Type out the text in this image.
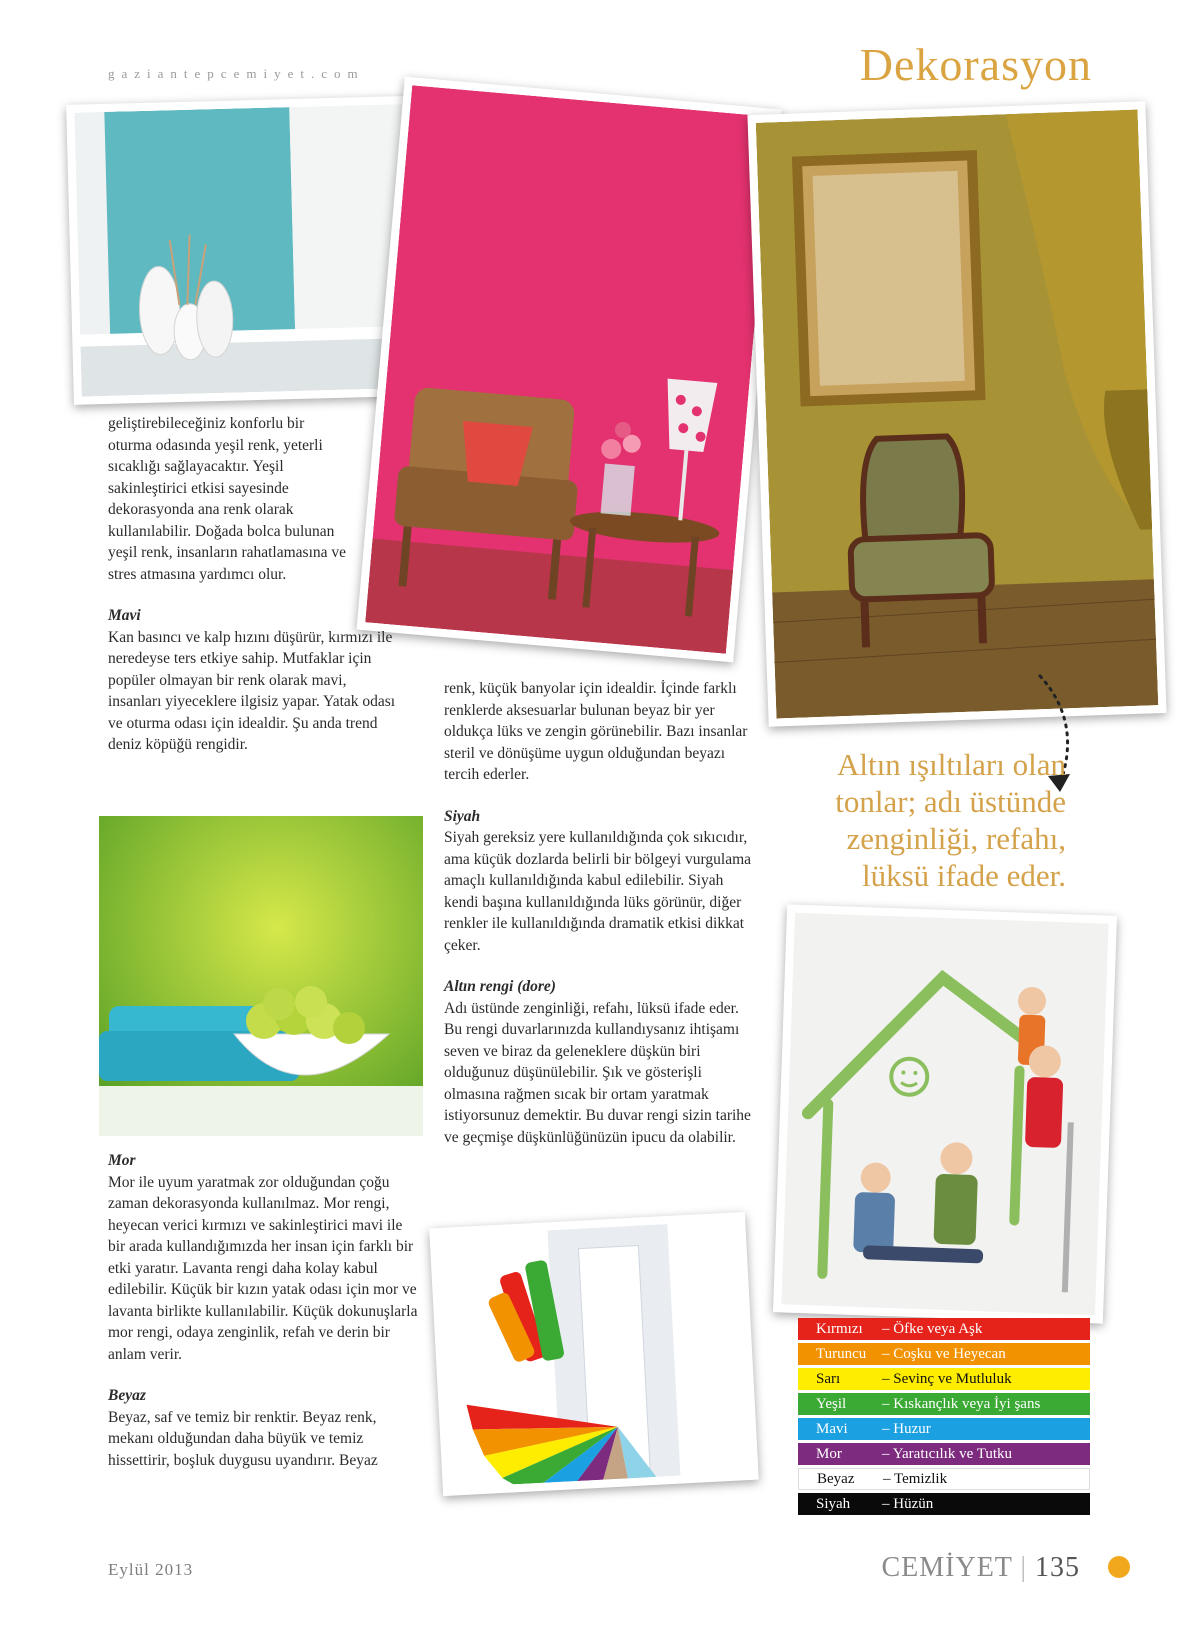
gaziantepcemiyet.com	Dekorasyon

geliştirebileceğiniz konforlu bir oturma odasında yeşil renk, yeterli sıcaklığı sağlayacaktır. Yeşil sakinleştirici etkisi sayesinde dekorasyonda ana renk olarak kullanılabilir. Doğada bolca bulunan yeşil renk, insanların rahatlamasına ve stres atmasına yardımcı olur.

Mavi

Kan basıncı ve kalp hızını düşürür, kırmızı ile neredeyse ters etkiye sahip. Mutfaklar için popüler olmayan bir renk olarak mavi, insanları yiyeceklere ilgisiz yapar. Yatak odası ve oturma odası için idealdir. Şu anda trend deniz köpüğü rengidir.

Mor

Mor ile uyum yaratmak zor olduğundan çoğu zaman dekorasyonda kullanılmaz. Mor rengi, heyecan verici kırmızı ve sakinleştirici mavi ile bir arada kullandığımızda her insan için farklı bir etki yaratır. Lavanta rengi daha kolay kabul edilebilir. Küçük bir kızın yatak odası için mor ve lavanta birlikte kullanılabilir. Küçük dokunuşlarla mor rengi, odaya zenginlik, refah ve derin bir anlam verir.

Beyaz

Beyaz, saf ve temiz bir renktir. Beyaz renk, mekanı olduğundan daha büyük ve temiz hissettirir, boşluk duygusu uyandırır. Beyaz

renk, küçük banyolar için idealdir. İçinde farklı renklerde aksesuarlar bulunan beyaz bir yer oldukça lüks ve zengin görünebilir. Bazı insanlar steril ve dönüşüme uygun olduğundan beyazı tercih ederler.

Siyah

Siyah gereksiz yere kullanıldığında çok sıkıcıdır, ama küçük dozlarda belirli bir bölgeyi vurgulama amaçlı kullanıldığında kabul edilebilir. Siyah kendi başına kullanıldığında lüks görünür, diğer renkler ile kullanıldığında dramatik etkisi dikkat çeker.

Altın rengi (dore)

Adı üstünde zenginliği, refahı, lüksü ifade eder. Bu rengi duvarlarınızda kullandıysanız ihtişamı seven ve biraz da geleneklere düşkün biri olduğunuz düşünülebilir. Şık ve gösterişli olmasına rağmen sıcak bir ortam yaratmak istiyorsunuz demektir. Bu duvar rengi sizin tarihe ve geçmişe düşkünlüğünüzün ipucu da olabilir.

Altın ışıltıları olan tonlar; adı üstünde zenginliği, refahı, lüksü ifade eder.
Kırmızı	– Öfke veya Aşk
Turuncu	– Coşku ve Heyecan
Sarı	– Sevinç ve Mutluluk
Yeşil	– Kıskançlık veya İyi şans
Mavi	– Huzur
Mor	– Yaratıcılık ve Tutku
Beyaz	– Temizlik
Siyah	– Hüzün
Eylül 2013	CEMİYET | 135
